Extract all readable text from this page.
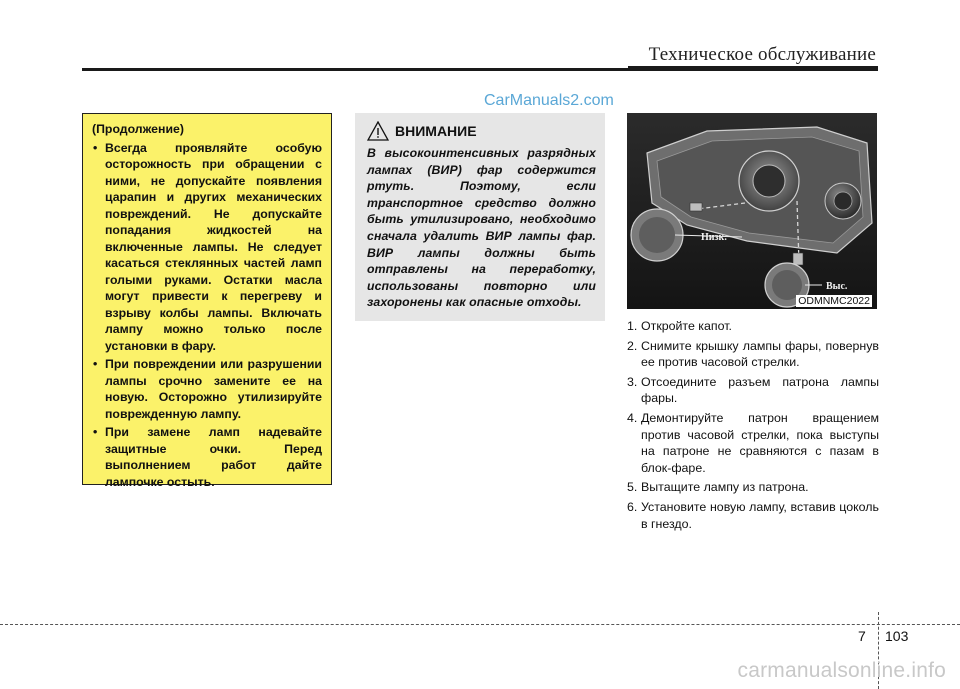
Техническое обслуживание
CarManuals2.com
(Продолжение)
• Всегда проявляйте особую осторожность при обращении с ними, не допускайте появления царапин и других механических повреждений. Не допускайте попадания жидкостей на включенные лампы. Не следует касаться стеклянных частей ламп голыми руками. Остатки масла могут привести к перегреву и взрыву колбы лампы. Включать лампу можно только после установки в фару.
• При повреждении или разрушении лампы срочно замените ее на новую. Осторожно утилизируйте поврежденную лампу.
• При замене ламп надевайте защитные очки. Перед выполнением работ дайте лампочке остыть.
ВНИМАНИЕ
В высокоинтенсивных разрядных лампах (ВИР) фар содержится ртуть. Поэтому, если транспортное средство должно быть утилизировано, необходимо сначала удалить ВИР лампы фар. ВИР лампы должны быть отправлены на переработку, использованы повторно или захоронены как опасные отходы.
Низк.
Выс.
ODMNMC2022
1. Откройте капот.
2. Снимите крышку лампы фары, повернув ее против часовой стрелки.
3. Отсоедините разъем патрона лампы фары.
4. Демонтируйте патрон вращением против часовой стрелки, пока выступы на патроне не сравняются с пазам в блок-фаре.
5. Вытащите лампу из патрона.
6. Установите новую лампу, вставив цоколь в гнездо.
7 103
carmanualsonline.info
